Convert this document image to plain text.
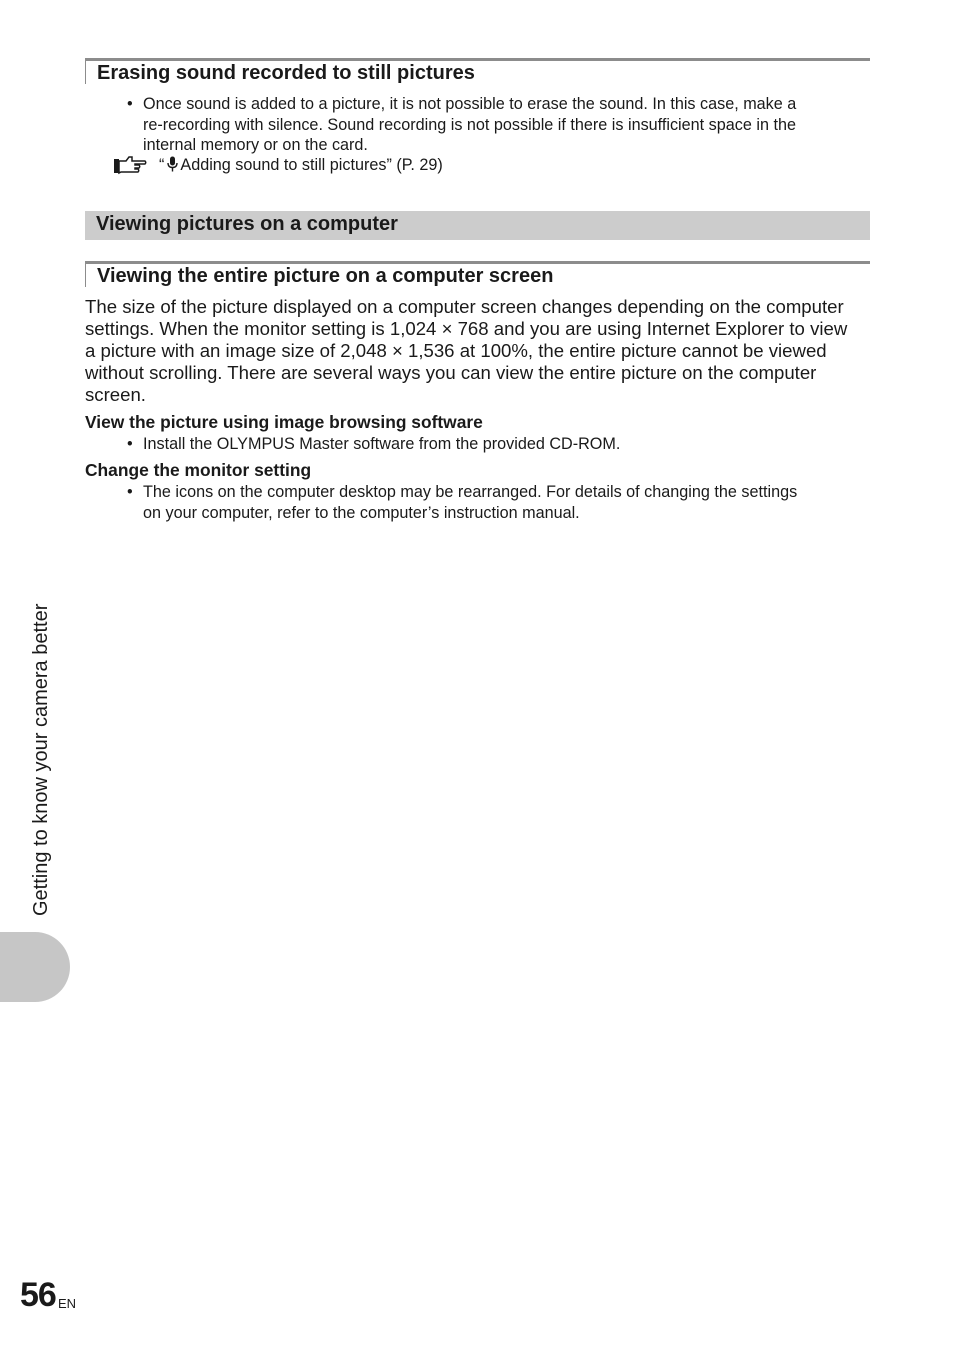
Erasing sound recorded to still pictures
• Once sound is added to a picture, it is not possible to erase the sound. In this case, make a
re-recording with silence. Sound recording is not possible if there is insufficient space in the
internal memory or on the card.
“ Adding sound to still pictures” (P. 29)
Viewing pictures on a computer
Viewing the entire picture on a computer screen
The size of the picture displayed on a computer screen changes depending on the computer
settings. When the monitor setting is 1,024 × 768 and you are using Internet Explorer to view
a picture with an image size of 2,048 × 1,536 at 100%, the entire picture cannot be viewed
without scrolling. There are several ways you can view the entire picture on the computer
screen.
View the picture using image browsing software
• Install the OLYMPUS Master software from the provided CD-ROM.
Change the monitor setting
• The icons on the computer desktop may be rearranged. For details of changing the settings
on your computer, refer to the computer’s instruction manual.
Getting to know your camera better
56 EN
